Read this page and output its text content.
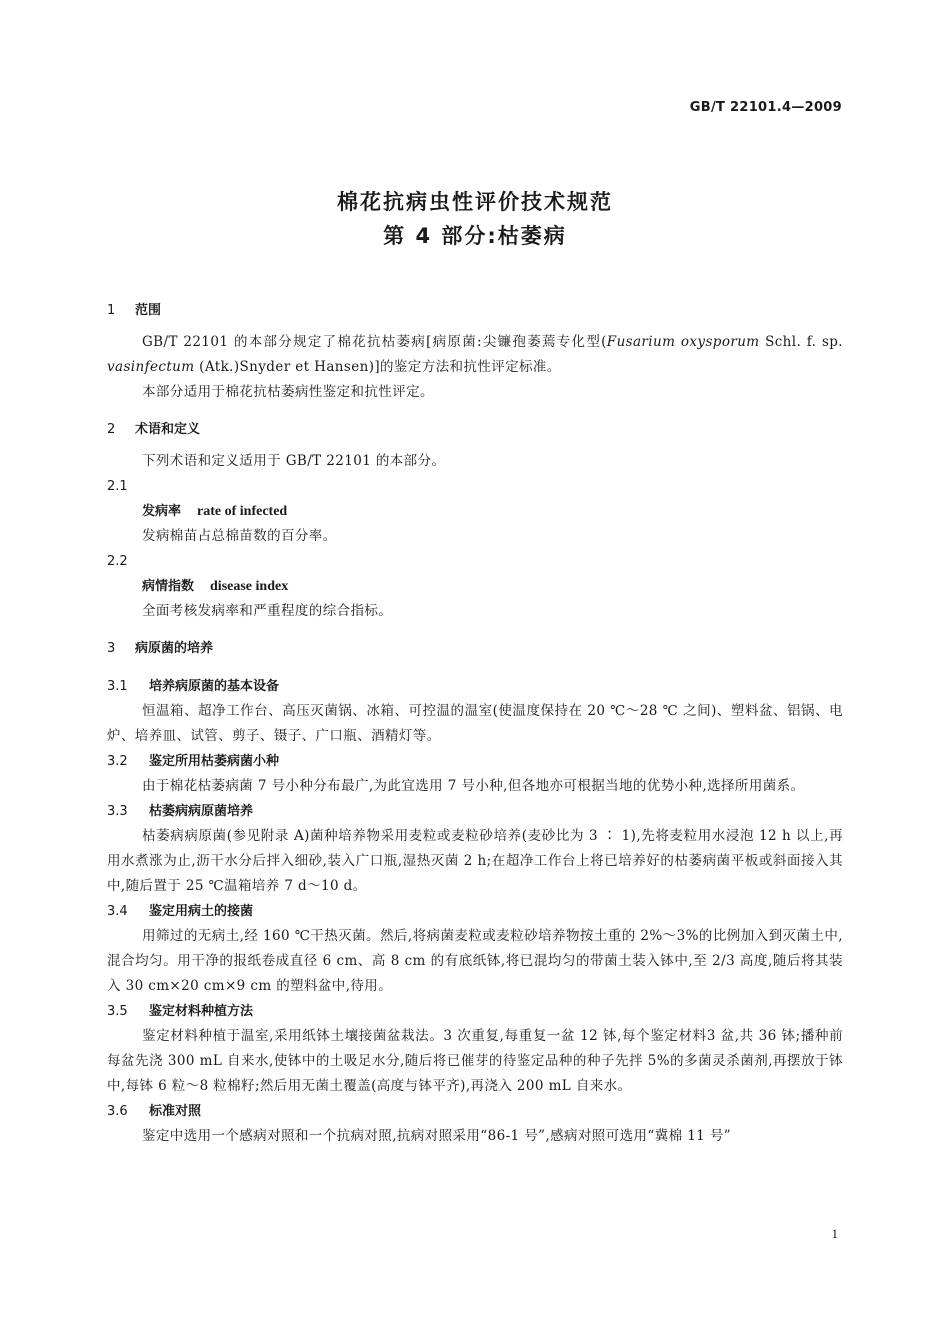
GB/T 22101.4—2009
棉花抗病虫性评价技术规范
第 4 部分:枯萎病
1	范围
GB/T 22101 的本部分规定了棉花抗枯萎病[病原菌:尖镰孢萎蔫专化型(Fusarium oxysporum Schl. f. sp. vasinfectum (Atk.)Snyder et Hansen)]的鉴定方法和抗性评定标准。
本部分适用于棉花抗枯萎病性鉴定和抗性评定。
2	术语和定义
下列术语和定义适用于 GB/T 22101 的本部分。
2.1
发病率 rate of infected
发病棉苗占总棉苗数的百分率。
2.2
病情指数 disease index
全面考核发病率和严重程度的综合指标。
3	病原菌的培养
3.1	培养病原菌的基本设备
恒温箱、超净工作台、高压灭菌锅、冰箱、可控温的温室(使温度保持在 20 ℃～28 ℃ 之间)、塑料盆、铝锅、电炉、培养皿、试管、剪子、镊子、广口瓶、酒精灯等。
3.2	鉴定所用枯萎病菌小种
由于棉花枯萎病菌 7 号小种分布最广,为此宜选用 7 号小种,但各地亦可根据当地的优势小种,选择所用菌系。
3.3	枯萎病病原菌培养
枯萎病病原菌(参见附录 A)菌种培养物采用麦粒或麦粒砂培养(麦砂比为 3 ∶ 1),先将麦粒用水浸泡 12 h 以上,再用水煮涨为止,沥干水分后拌入细砂,装入广口瓶,湿热灭菌 2 h;在超净工作台上将已培养好的枯萎病菌平板或斜面接入其中,随后置于 25 ℃温箱培养 7 d～10 d。
3.4	鉴定用病土的接菌
用筛过的无病土,经 160 ℃干热灭菌。然后,将病菌麦粒或麦粒砂培养物按土重的 2%～3%的比例加入到灭菌土中,混合均匀。用干净的报纸卷成直径 6 cm、高 8 cm 的有底纸钵,将已混均匀的带菌土装入钵中,至 2/3 高度,随后将其装入 30 cm×20 cm×9 cm 的塑料盆中,待用。
3.5	鉴定材料种植方法
鉴定材料种植于温室,采用纸钵土壤接菌盆栽法。3 次重复,每重复一盆 12 钵,每个鉴定材料3 盆,共 36 钵;播种前每盆先浇 300 mL 自来水,使钵中的土吸足水分,随后将已催芽的待鉴定品种的种子先拌 5%的多菌灵杀菌剂,再摆放于钵中,每钵 6 粒～8 粒棉籽;然后用无菌土覆盖(高度与钵平齐),再浇入 200 mL 自来水。
3.6	标准对照
鉴定中选用一个感病对照和一个抗病对照,抗病对照采用“86-1 号”,感病对照可选用“冀棉 11 号”
1
